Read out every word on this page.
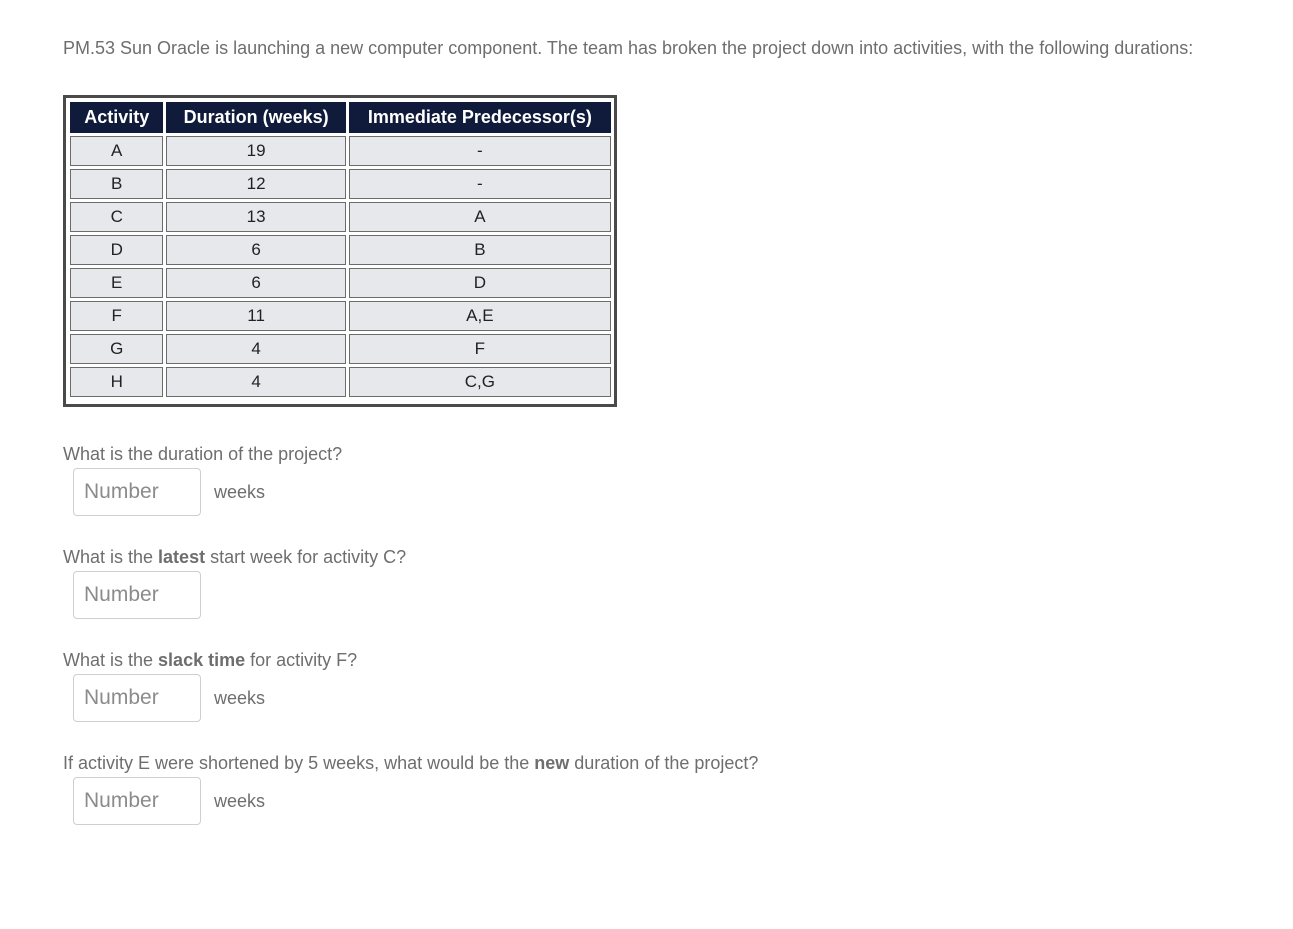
PM.53 Sun Oracle is launching a new computer component. The team has broken the project down into activities, with the following durations:
Activity	Duration (weeks)	Immediate Predecessor(s)
A	19	-
B	12	-
C	13	A
D	6	B
E	6	D
F	11	A,E
G	4	F
H	4	C,G
What is the duration of the project?
Number
weeks
What is the latest start week for activity C?
Number
What is the slack time for activity F?
Number
weeks
If activity E were shortened by 5 weeks, what would be the new duration of the project?
Number
weeks
